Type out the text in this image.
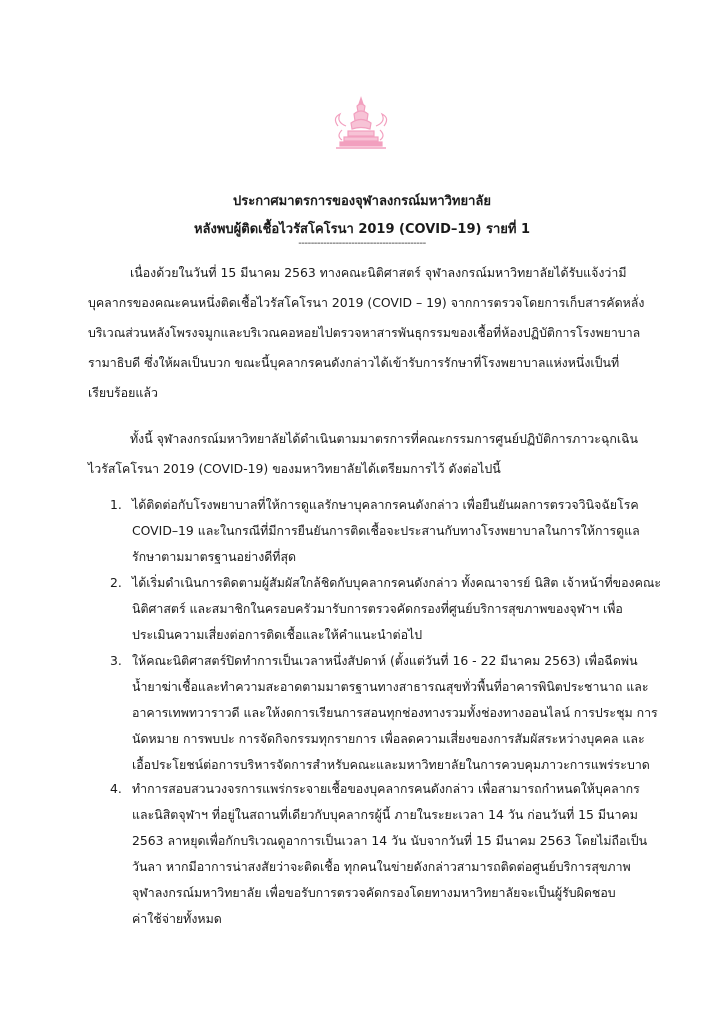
ประกาศมาตรการของจุฬาลงกรณ์มหาวิทยาลัย
หลังพบผู้ติดเชื้อไวรัสโคโรนา 2019 (COVID–19) รายที่ 1
-----------------------------------------
เนื่องด้วยในวันที่ 15 มีนาคม 2563 ทางคณะนิติศาสตร์ จุฬาลงกรณ์มหาวิทยาลัยได้รับแจ้งว่ามี
บุคลากรของคณะคนหนึ่งติดเชื้อไวรัสโคโรนา 2019 (COVID – 19) จากการตรวจโดยการเก็บสารคัดหลั่ง
บริเวณส่วนหลังโพรงจมูกและบริเวณคอหอยไปตรวจหาสารพันธุกรรมของเชื้อที่ห้องปฏิบัติการโรงพยาบาล
รามาธิบดี ซึ่งให้ผลเป็นบวก ขณะนี้บุคลากรคนดังกล่าวได้เข้ารับการรักษาที่โรงพยาบาลแห่งหนึ่งเป็นที่
เรียบร้อยแล้ว
ทั้งนี้ จุฬาลงกรณ์มหาวิทยาลัยได้ดำเนินตามมาตรการที่คณะกรรมการศูนย์ปฏิบัติการภาวะฉุกเฉิน
ไวรัสโคโรนา 2019 (COVID-19) ของมหาวิทยาลัยได้เตรียมการไว้ ดังต่อไปนี้
1. ได้ติดต่อกับโรงพยาบาลที่ให้การดูแลรักษาบุคลากรคนดังกล่าว เพื่อยืนยันผลการตรวจวินิจฉัยโรค
COVID–19 และในกรณีที่มีการยืนยันการติดเชื้อจะประสานกับทางโรงพยาบาลในการให้การดูแล
รักษาตามมาตรฐานอย่างดีที่สุด
2. ได้เริ่มดำเนินการติดตามผู้สัมผัสใกล้ชิดกับบุคลากรคนดังกล่าว ทั้งคณาจารย์ นิสิต เจ้าหน้าที่ของคณะ
นิติศาสตร์ และสมาชิกในครอบครัวมารับการตรวจคัดกรองที่ศูนย์บริการสุขภาพของจุฬาฯ เพื่อ
ประเมินความเสี่ยงต่อการติดเชื้อและให้คำแนะนำต่อไป
3. ให้คณะนิติศาสตร์ปิดทำการเป็นเวลาหนึ่งสัปดาห์ (ตั้งแต่วันที่ 16 - 22 มีนาคม 2563) เพื่อฉีดพ่น
น้ำยาฆ่าเชื้อและทำความสะอาดตามมาตรฐานทางสาธารณสุขทั่วพื้นที่อาคารพินิตประชานาถ และ
อาคารเทพทวาราวดี และให้งดการเรียนการสอนทุกช่องทางรวมทั้งช่องทางออนไลน์ การประชุม การ
นัดหมาย การพบปะ การจัดกิจกรรมทุกรายการ เพื่อลดความเสี่ยงของการสัมผัสระหว่างบุคคล และ
เอื้อประโยชน์ต่อการบริหารจัดการสำหรับคณะและมหาวิทยาลัยในการควบคุมภาวะการแพร่ระบาด
4. ทำการสอบสวนวงจรการแพร่กระจายเชื้อของบุคลากรคนดังกล่าว เพื่อสามารถกำหนดให้บุคลากร
และนิสิตจุฬาฯ ที่อยู่ในสถานที่เดียวกับบุคลากรผู้นี้ ภายในระยะเวลา 14 วัน ก่อนวันที่ 15 มีนาคม
2563 ลาหยุดเพื่อกักบริเวณดูอาการเป็นเวลา 14 วัน นับจากวันที่ 15 มีนาคม 2563 โดยไม่ถือเป็น
วันลา หากมีอาการน่าสงสัยว่าจะติดเชื้อ ทุกคนในข่ายดังกล่าวสามารถติดต่อศูนย์บริการสุขภาพ
จุฬาลงกรณ์มหาวิทยาลัย เพื่อขอรับการตรวจคัดกรองโดยทางมหาวิทยาลัยจะเป็นผู้รับผิดชอบ
ค่าใช้จ่ายทั้งหมด
